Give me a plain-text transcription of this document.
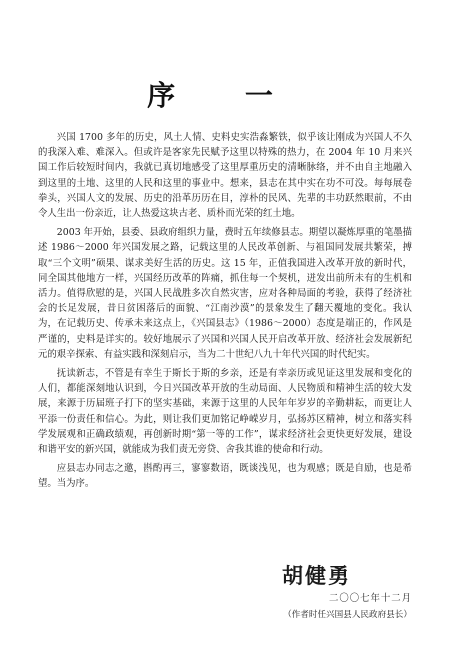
序 一

兴国 1700 多年的历史，风土人情、史料史实浩淼繁铁，似乎该让刚成为兴国人不久的我深入难、难深入。但或许是客家先民赋予这里以特殊的热力，在 2004 年 10 月来兴国工作后较短时间内，我就已真切地感受了这里厚重历史的清晰脉络，并不由自主地融入到这里的土地、这里的人民和这里的事业中。想来，县志在其中实在功不可没。每每展卷拳头，兴国人文的发展、历史的沿革历历在目，淳朴的民风、先辈的丰功跃然眼前，不由令人生出一份亲近，让人热爱这块古老、质朴而光荣的红土地。

2003 年开始，县委、县政府组织力量，费时五年续修县志。期望以凝炼厚重的笔墨描述 1986～2000 年兴国发展之路，记载这里的人民改革创新、与祖国同发展共繁荣，搏取“三个文明”硕果、谋求美好生活的历史。这 15 年，正值我国进入改革开放的新时代，同全国其他地方一样，兴国经历改革的阵痛，抓住每一个契机，迸发出前所未有的生机和活力。值得欣慰的是，兴国人民战胜多次自然灾害，应对各种局面的考验，获得了经济社会的长足发展，昔日贫困落后的面貌、“江南沙漠”的景象发生了翻天覆地的变化。我认为，在记载历史、传承未来这点上，《兴国县志》（1986～2000）态度是端正的，作风是严谨的，史料是详实的。较好地展示了兴国和兴国人民开启改革开放、经济社会发展新纪元的艰辛探索、有益实践和深刻启示，当为二十世纪八九十年代兴国的时代纪实。

抚读新志，不管是有幸生于斯长于斯的乡亲，还是有幸亲历或见证这里发展和变化的人们，都能深刻地认识到，今日兴国改革开放的生动局面、人民物质和精神生活的较大发展，来源于历届班子打下的坚实基础，来源于这里的人民年年岁岁的辛勤耕耘，而更让人平添一份责任和信心。为此，则让我们更加铭记峥嵘岁月，弘扬苏区精神，树立和落实科学发展观和正确政绩观，再创新时期“第一等的工作”，谋求经济社会更快更好发展，建设和谐平安的新兴国，就能成为我们责无旁贷、舍我其谁的使命和行动。

应县志办同志之邀，斟酌再三，寥寥数语，既谈浅见，也为观感；既是自励，也是希望。当为序。

胡健勇
二〇〇七年十二月
（作者时任兴国县人民政府县长）
